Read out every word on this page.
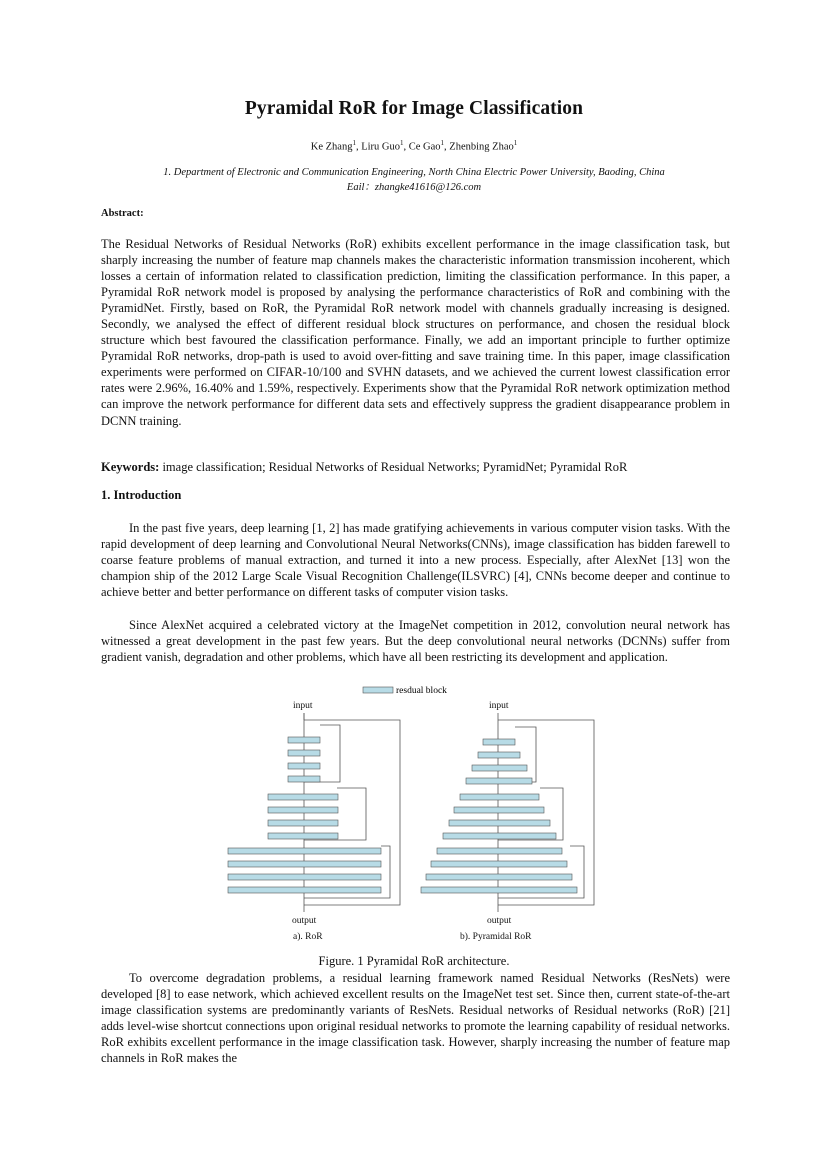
Pyramidal RoR for Image Classification
Ke Zhang$^1$, Liru Guo$^1$, Ce Gao$^1$, Zhenbing Zhao$^1$
1. Department of Electronic and Communication Engineering, North China Electric Power University, Baoding, China
Eail：zhangke41616@126.com
Abstract:
The Residual Networks of Residual Networks (RoR) exhibits excellent performance in the image classification task, but sharply increasing the number of feature map channels makes the characteristic information transmission incoherent, which losses a certain of information related to classification prediction, limiting the classification performance. In this paper, a Pyramidal RoR network model is proposed by analysing the performance characteristics of RoR and combining with the PyramidNet. Firstly, based on RoR, the Pyramidal RoR network model with channels gradually increasing is designed. Secondly, we analysed the effect of different residual block structures on performance, and chosen the residual block structure which best favoured the classification performance. Finally, we add an important principle to further optimize Pyramidal RoR networks, drop-path is used to avoid over-fitting and save training time. In this paper, image classification experiments were performed on CIFAR-10/100 and SVHN datasets, and we achieved the current lowest classification error rates were 2.96%, 16.40% and 1.59%, respectively. Experiments show that the Pyramidal RoR network optimization method can improve the network performance for different data sets and effectively suppress the gradient disappearance problem in DCNN training.
Keywords: image classification; Residual Networks of Residual Networks; PyramidNet; Pyramidal RoR
1. Introduction
In the past five years, deep learning [1, 2] has made gratifying achievements in various computer vision tasks. With the rapid development of deep learning and Convolutional Neural Networks(CNNs), image classification has bidden farewell to coarse feature problems of manual extraction, and turned it into a new process. Especially, after AlexNet [13] won the champion ship of the 2012 Large Scale Visual Recognition Challenge(ILSVRC) [4], CNNs become deeper and continue to achieve better and better performance on different tasks of computer vision tasks.
Since AlexNet acquired a celebrated victory at the ImageNet competition in 2012, convolution neural network has witnessed a great development in the past few years. But the deep convolutional neural networks (DCNNs) suffer from gradient vanish, degradation and other problems, which have all been restricting its development and application.
resdual block
input
output
a). RoR
input
output
b). Pyramidal RoR
Figure. 1 Pyramidal RoR architecture.
To overcome degradation problems, a residual learning framework named Residual Networks (ResNets) were developed [8] to ease network, which achieved excellent results on the ImageNet test set. Since then, current state-of-the-art image classification systems are predominantly variants of ResNets. Residual networks of Residual networks (RoR) [21] adds level-wise shortcut connections upon original residual networks to promote the learning capability of residual networks. RoR exhibits excellent performance in the image classification task. However, sharply increasing the number of feature map channels in RoR makes the
